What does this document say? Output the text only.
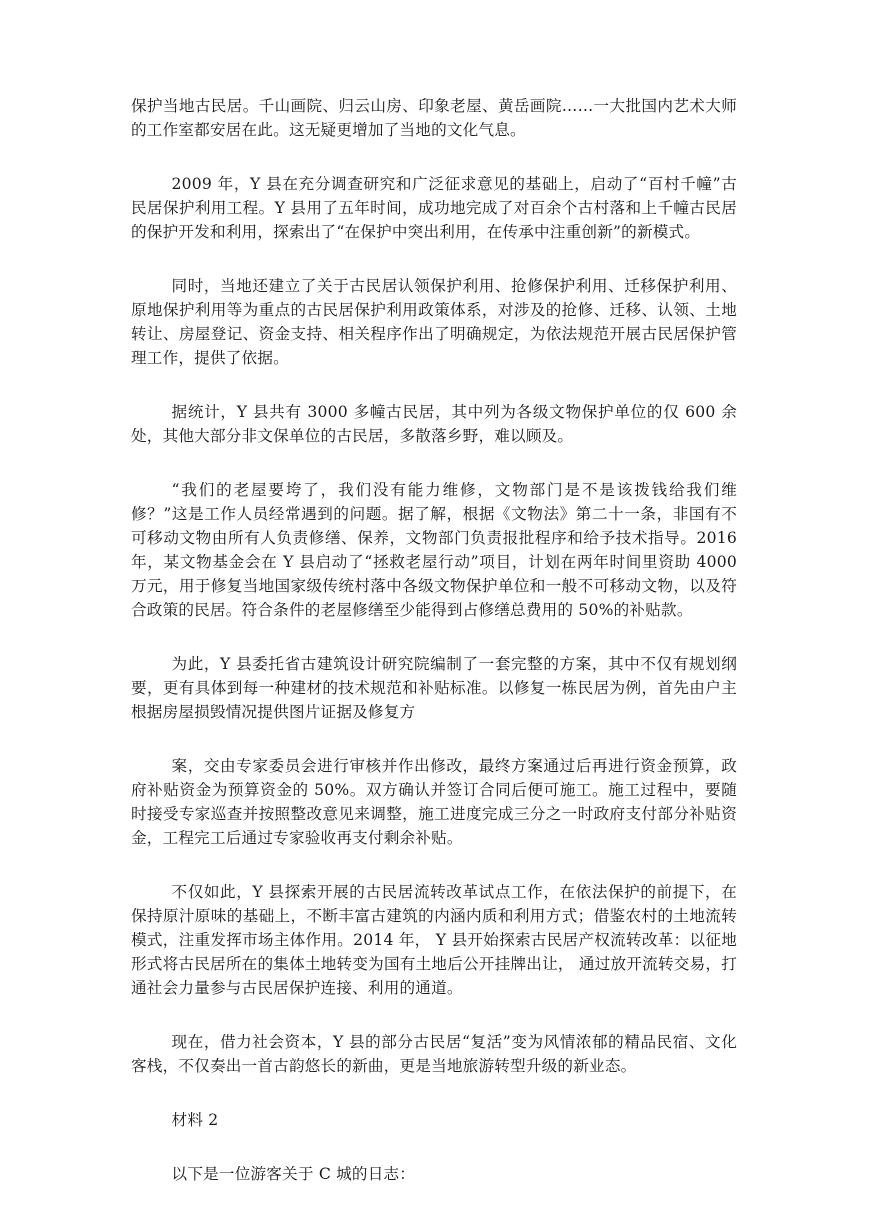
保护当地古民居。千山画院、归云山房、印象老屋、黄岳画院……一大批国内艺术大师的工作室都安居在此。这无疑更增加了当地的文化气息。

2009 年，Y 县在充分调查研究和广泛征求意见的基础上，启动了“百村千幢”古民居保护利用工程。Y 县用了五年时间，成功地完成了对百余个古村落和上千幢古民居的保护开发和利用，探索出了“在保护中突出利用，在传承中注重创新”的新模式。

同时，当地还建立了关于古民居认领保护利用、抢修保护利用、迁移保护利用、原地保护利用等为重点的古民居保护利用政策体系，对涉及的抢修、迁移、认领、土地转让、房屋登记、资金支持、相关程序作出了明确规定，为依法规范开展古民居保护管理工作，提供了依据。

据统计，Y 县共有 3000 多幢古民居，其中列为各级文物保护单位的仅 600 余处，其他大部分非文保单位的古民居，多散落乡野，难以顾及。

“我们的老屋要垮了，我们没有能力维修，文物部门是不是该拨钱给我们维修？”这是工作人员经常遇到的问题。据了解，根据《文物法》第二十一条，非国有不可移动文物由所有人负责修缮、保养，文物部门负责报批程序和给予技术指导。2016 年，某文物基金会在 Y 县启动了“拯救老屋行动”项目，计划在两年时间里资助 4000 万元，用于修复当地国家级传统村落中各级文物保护单位和一般不可移动文物，以及符合政策的民居。符合条件的老屋修缮至少能得到占修缮总费用的 50%的补贴款。

为此，Y 县委托省古建筑设计研究院编制了一套完整的方案，其中不仅有规划纲要，更有具体到每一种建材的技术规范和补贴标准。以修复一栋民居为例，首先由户主根据房屋损毁情况提供图片证据及修复方

案，交由专家委员会进行审核并作出修改，最终方案通过后再进行资金预算，政府补贴资金为预算资金的 50%。双方确认并签订合同后便可施工。施工过程中，要随时接受专家巡查并按照整改意见来调整，施工进度完成三分之一时政府支付部分补贴资金，工程完工后通过专家验收再支付剩余补贴。

不仅如此，Y 县探索开展的古民居流转改革试点工作，在依法保护的前提下，在保持原汁原味的基础上，不断丰富古建筑的内涵内质和利用方式；借鉴农村的土地流转模式，注重发挥市场主体作用。2014 年， Y 县开始探索古民居产权流转改革：以征地形式将古民居所在的集体土地转变为国有土地后公开挂牌出让， 通过放开流转交易，打通社会力量参与古民居保护连接、利用的通道。

现在，借力社会资本，Y 县的部分古民居“复活”变为风情浓郁的精品民宿、文化客栈，不仅奏出一首古韵悠长的新曲，更是当地旅游转型升级的新业态。

材料 2

以下是一位游客关于 C 城的日志：
